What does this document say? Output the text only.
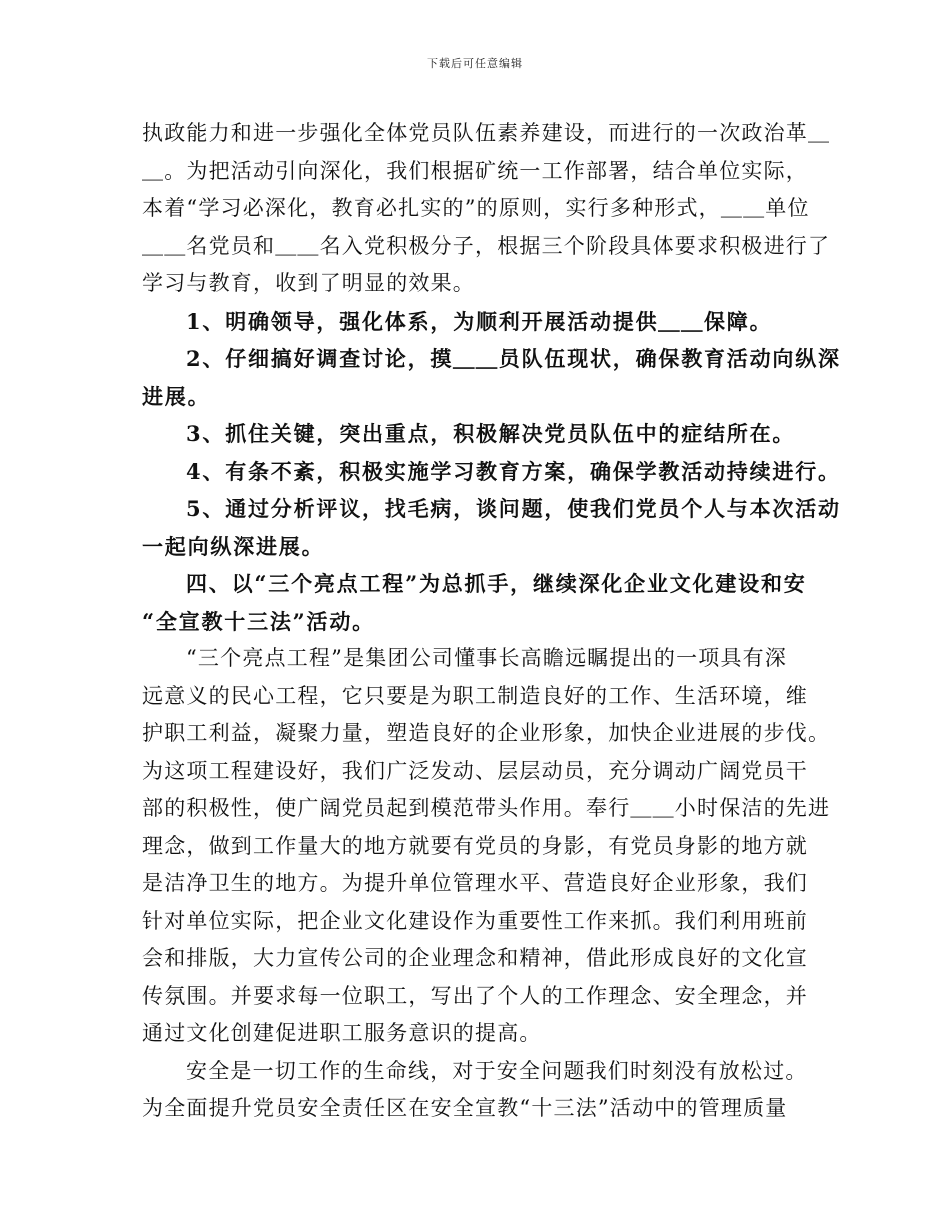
下载后可任意编辑
执政能力和进一步强化全体党员队伍素养建设，而进行的一次政治革＿
＿。为把活动引向深化，我们根据矿统一工作部署，结合单位实际，
本着“学习必深化，教育必扎实的”的原则，实行多种形式，＿＿单位
＿＿名党员和＿＿名入党积极分子，根据三个阶段具体要求积极进行了
学习与教育，收到了明显的效果。
1、明确领导，强化体系，为顺利开展活动提供＿＿保障。
2、仔细搞好调查讨论，摸＿＿员队伍现状，确保教育活动向纵深
进展。
3、抓住关键，突出重点，积极解决党员队伍中的症结所在。
4、有条不紊，积极实施学习教育方案，确保学教活动持续进行。
5、通过分析评议，找毛病，谈问题，使我们党员个人与本次活动
一起向纵深进展。
四、以“三个亮点工程”为总抓手，继续深化企业文化建设和安
“全宣教十三法”活动。
“三个亮点工程”是集团公司懂事长高瞻远瞩提出的一项具有深
远意义的民心工程，它只要是为职工制造良好的工作、生活环境，维
护职工利益，凝聚力量，塑造良好的企业形象，加快企业进展的步伐。
为这项工程建设好，我们广泛发动、层层动员，充分调动广阔党员干
部的积极性，使广阔党员起到模范带头作用。奉行＿＿小时保洁的先进
理念，做到工作量大的地方就要有党员的身影，有党员身影的地方就
是洁净卫生的地方。为提升单位管理水平、营造良好企业形象，我们
针对单位实际，把企业文化建设作为重要性工作来抓。我们利用班前
会和排版，大力宣传公司的企业理念和精神，借此形成良好的文化宣
传氛围。并要求每一位职工，写出了个人的工作理念、安全理念，并
通过文化创建促进职工服务意识的提高。
安全是一切工作的生命线，对于安全问题我们时刻没有放松过。
为全面提升党员安全责任区在安全宣教“十三法”活动中的管理质量
